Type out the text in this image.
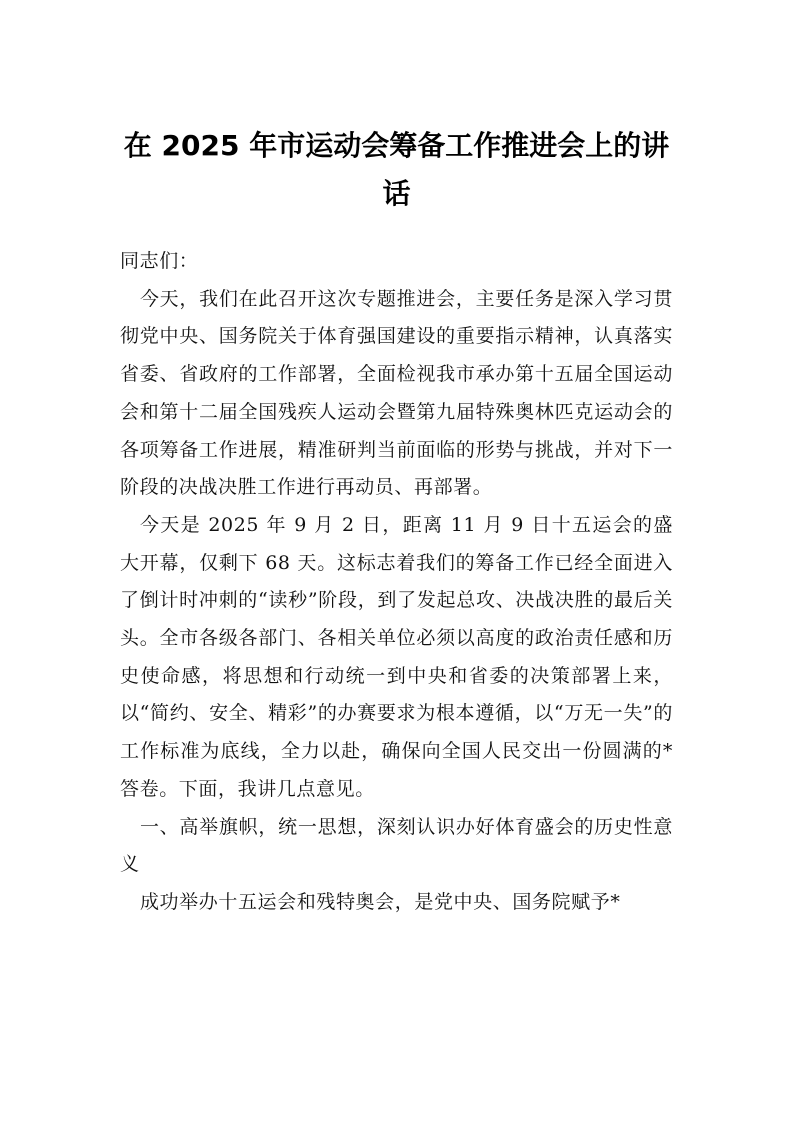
在 2025 年市运动会筹备工作推进会上的讲话

同志们：

今天，我们在此召开这次专题推进会，主要任务是深入学习贯彻党中央、国务院关于体育强国建设的重要指示精神，认真落实省委、省政府的工作部署，全面检视我市承办第十五届全国运动会和第十二届全国残疾人运动会暨第九届特殊奥林匹克运动会的各项筹备工作进展，精准研判当前面临的形势与挑战，并对下一阶段的决战决胜工作进行再动员、再部署。

今天是 2025 年 9 月 2 日，距离 11 月 9 日十五运会的盛大开幕，仅剩下 68 天。这标志着我们的筹备工作已经全面进入了倒计时冲刺的“读秒”阶段，到了发起总攻、决战决胜的最后关头。全市各级各部门、各相关单位必须以高度的政治责任感和历史使命感，将思想和行动统一到中央和省委的决策部署上来，以“简约、安全、精彩”的办赛要求为根本遵循，以“万无一失”的工作标准为底线，全力以赴，确保向全国人民交出一份圆满的*答卷。下面，我讲几点意见。

一、高举旗帜，统一思想，深刻认识办好体育盛会的历史性意义

成功举办十五运会和残特奥会，是党中央、国务院赋予*
